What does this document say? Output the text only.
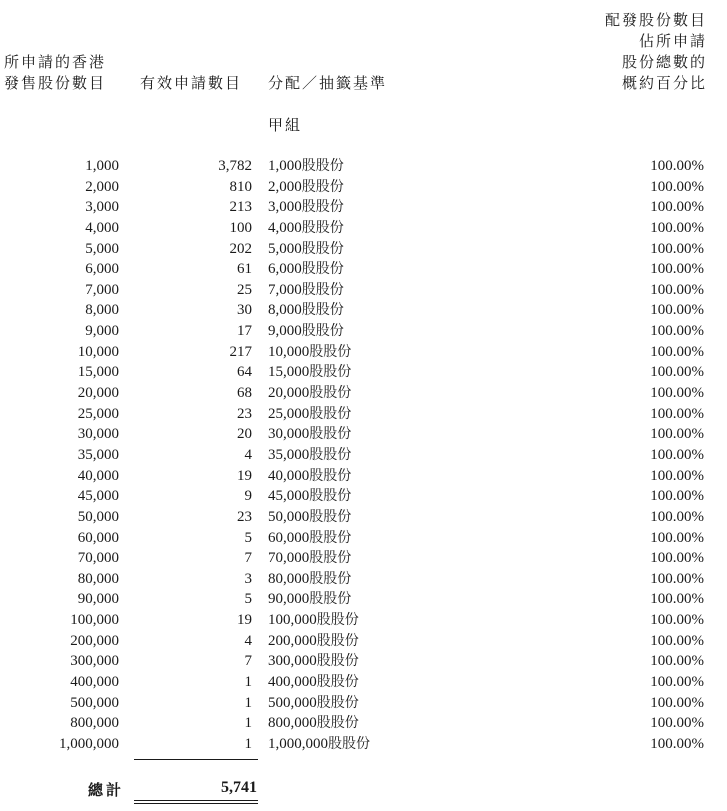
所申請的香港
發售股份數目 有效申請數目 分配／抽籤基準
配發股份數目
佔所申請
股份總數的
概約百分比
甲組
1,000	3,782 1,000股股份	100.00%
2,000	810 2,000股股份	100.00%
3,000	213 3,000股股份	100.00%
4,000	100 4,000股股份	100.00%
5,000	202 5,000股股份	100.00%
6,000	61 6,000股股份	100.00%
7,000	25 7,000股股份	100.00%
8,000	30 8,000股股份	100.00%
9,000	17 9,000股股份	100.00%
10,000	217 10,000股股份	100.00%
15,000	64 15,000股股份	100.00%
20,000	68 20,000股股份	100.00%
25,000	23 25,000股股份	100.00%
30,000	20 30,000股股份	100.00%
35,000	4 35,000股股份	100.00%
40,000	19 40,000股股份	100.00%
45,000	9 45,000股股份	100.00%
50,000	23 50,000股股份	100.00%
60,000	5 60,000股股份	100.00%
70,000	7 70,000股股份	100.00%
80,000	3 80,000股股份	100.00%
90,000	5 90,000股股份	100.00%
100,000	19 100,000股股份	100.00%
200,000	4 200,000股股份	100.00%
300,000	7 300,000股股份	100.00%
400,000	1 400,000股股份	100.00%
500,000	1 500,000股股份	100.00%
800,000	1 800,000股股份	100.00%
1,000,000	1 1,000,000股股份	100.00%
總計	5,741
